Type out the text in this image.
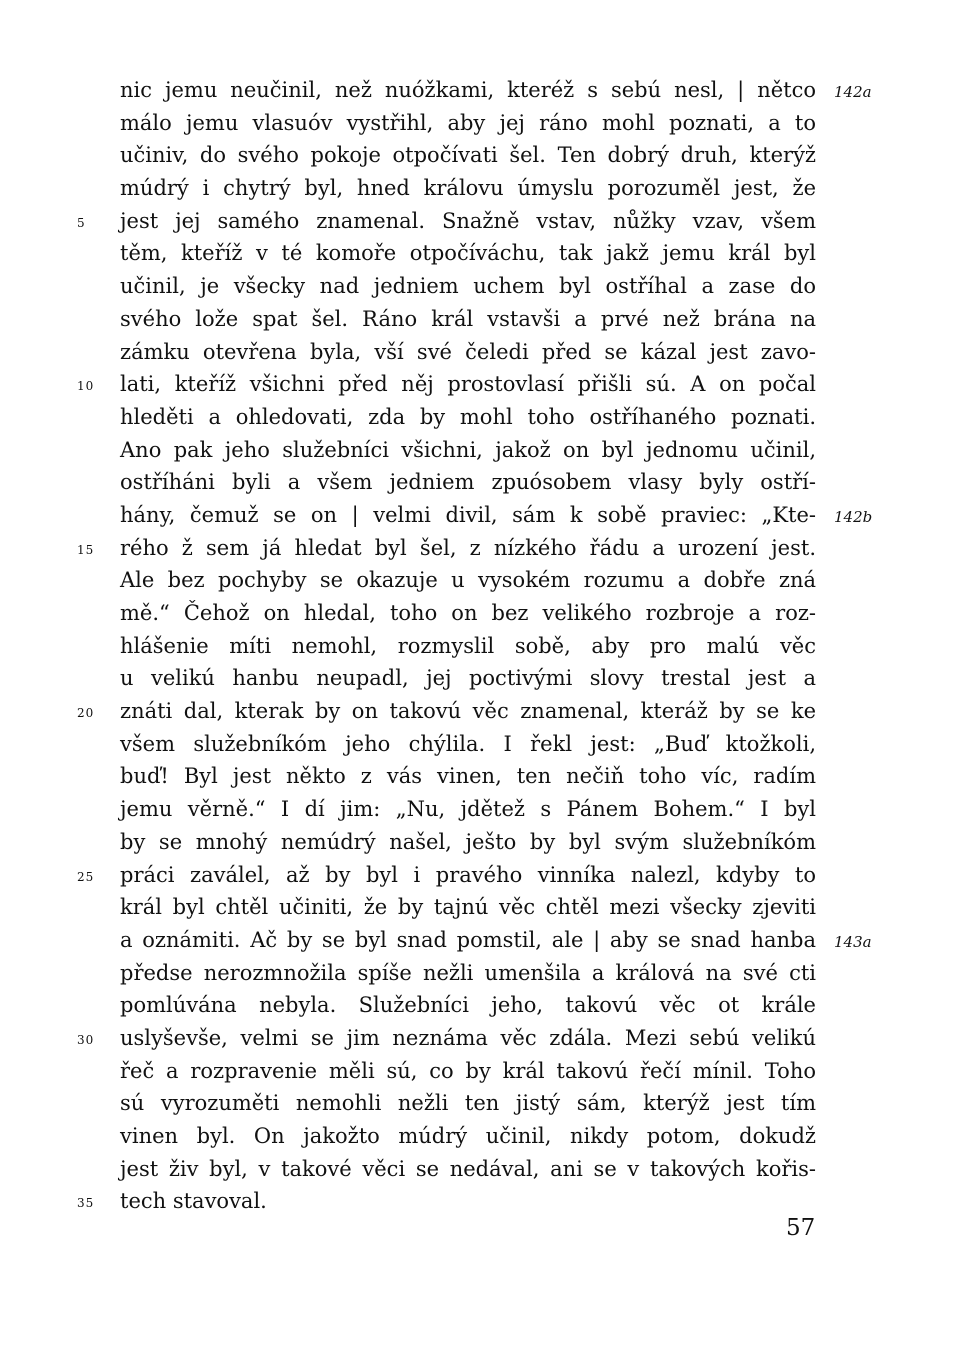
nic jemu neučinil, než nuóžkami, kteréž s sebú nesl, | nětco 142a
málo jemu vlasuóv vystřihl, aby jej ráno mohl poznati, a to
učiniv, do svého pokoje otpočívati šel. Ten dobrý druh, kterýž
múdrý i chytrý byl, hned královu úmyslu porozuměl jest, že
jest jej samého znamenal. Snažně vstav, nůžky vzav, všem
5
těm, kteříž v té komoře otpočíváchu, tak jakž jemu král byl
učinil, je všecky nad jedniem uchem byl ostříhal a zase do
svého lože spat šel. Ráno král vstavši a prvé než brána na
zámku otevřena byla, vší své čeledi před se kázal jest zavo-
lati, kteříž všichni před něj prostovlasí přišli sú. A on počal
10
hleděti a ohledovati, zda by mohl toho ostříhaného poznati.
Ano pak jeho služebníci všichni, jakož on byl jednomu učinil,
ostříháni byli a všem jedniem zpuósobem vlasy byly ostří-
hány, čemuž se on | velmi divil, sám k sobě praviec: „Kte- 142b
rého ž sem já hledat byl šel, z nízkého řádu a urození jest.
15
Ale bez pochyby se okazuje u vysokém rozumu a dobře zná
mě.“ Čehož on hledal, toho on bez velikého rozbroje a roz-
hlášenie míti nemohl, rozmyslil sobě, aby pro malú věc
u velikú hanbu neupadl, jej poctivými slovy trestal jest a
znáti dal, kterak by on takovú věc znamenal, kteráž by se ke
20
všem služebníkóm jeho chýlila. I řekl jest: „Buď ktožkoli,
buď! Byl jest někto z vás vinen, ten nečiň toho víc, radím
jemu věrně.“ I dí jim: „Nu, jdětež s Pánem Bohem.“ I byl
by se mnohý nemúdrý našel, ješto by byl svým služebníkóm
práci zaválel, až by byl i pravého vinníka nalezl, kdyby to
25
král byl chtěl učiniti, že by tajnú věc chtěl mezi všecky zjeviti
a oznámiti. Ač by se byl snad pomstil, ale | aby se snad hanba 143a
předse nerozmnožila spíše nežli umenšila a králová na své cti
pomlúvána nebyla. Služebníci jeho, takovú věc ot krále
uslyševše, velmi se jim neznáma věc zdála. Mezi sebú velikú
30
řeč a rozpravenie měli sú, co by král takovú řečí mínil. Toho
sú vyrozuměti nemohli nežli ten jistý sám, kterýž jest tím
vinen byl. On jakožto múdrý učinil, nikdy potom, dokudž
jest živ byl, v takové věci se nedával, ani se v takových kořis-
tech stavoval.
35
57
